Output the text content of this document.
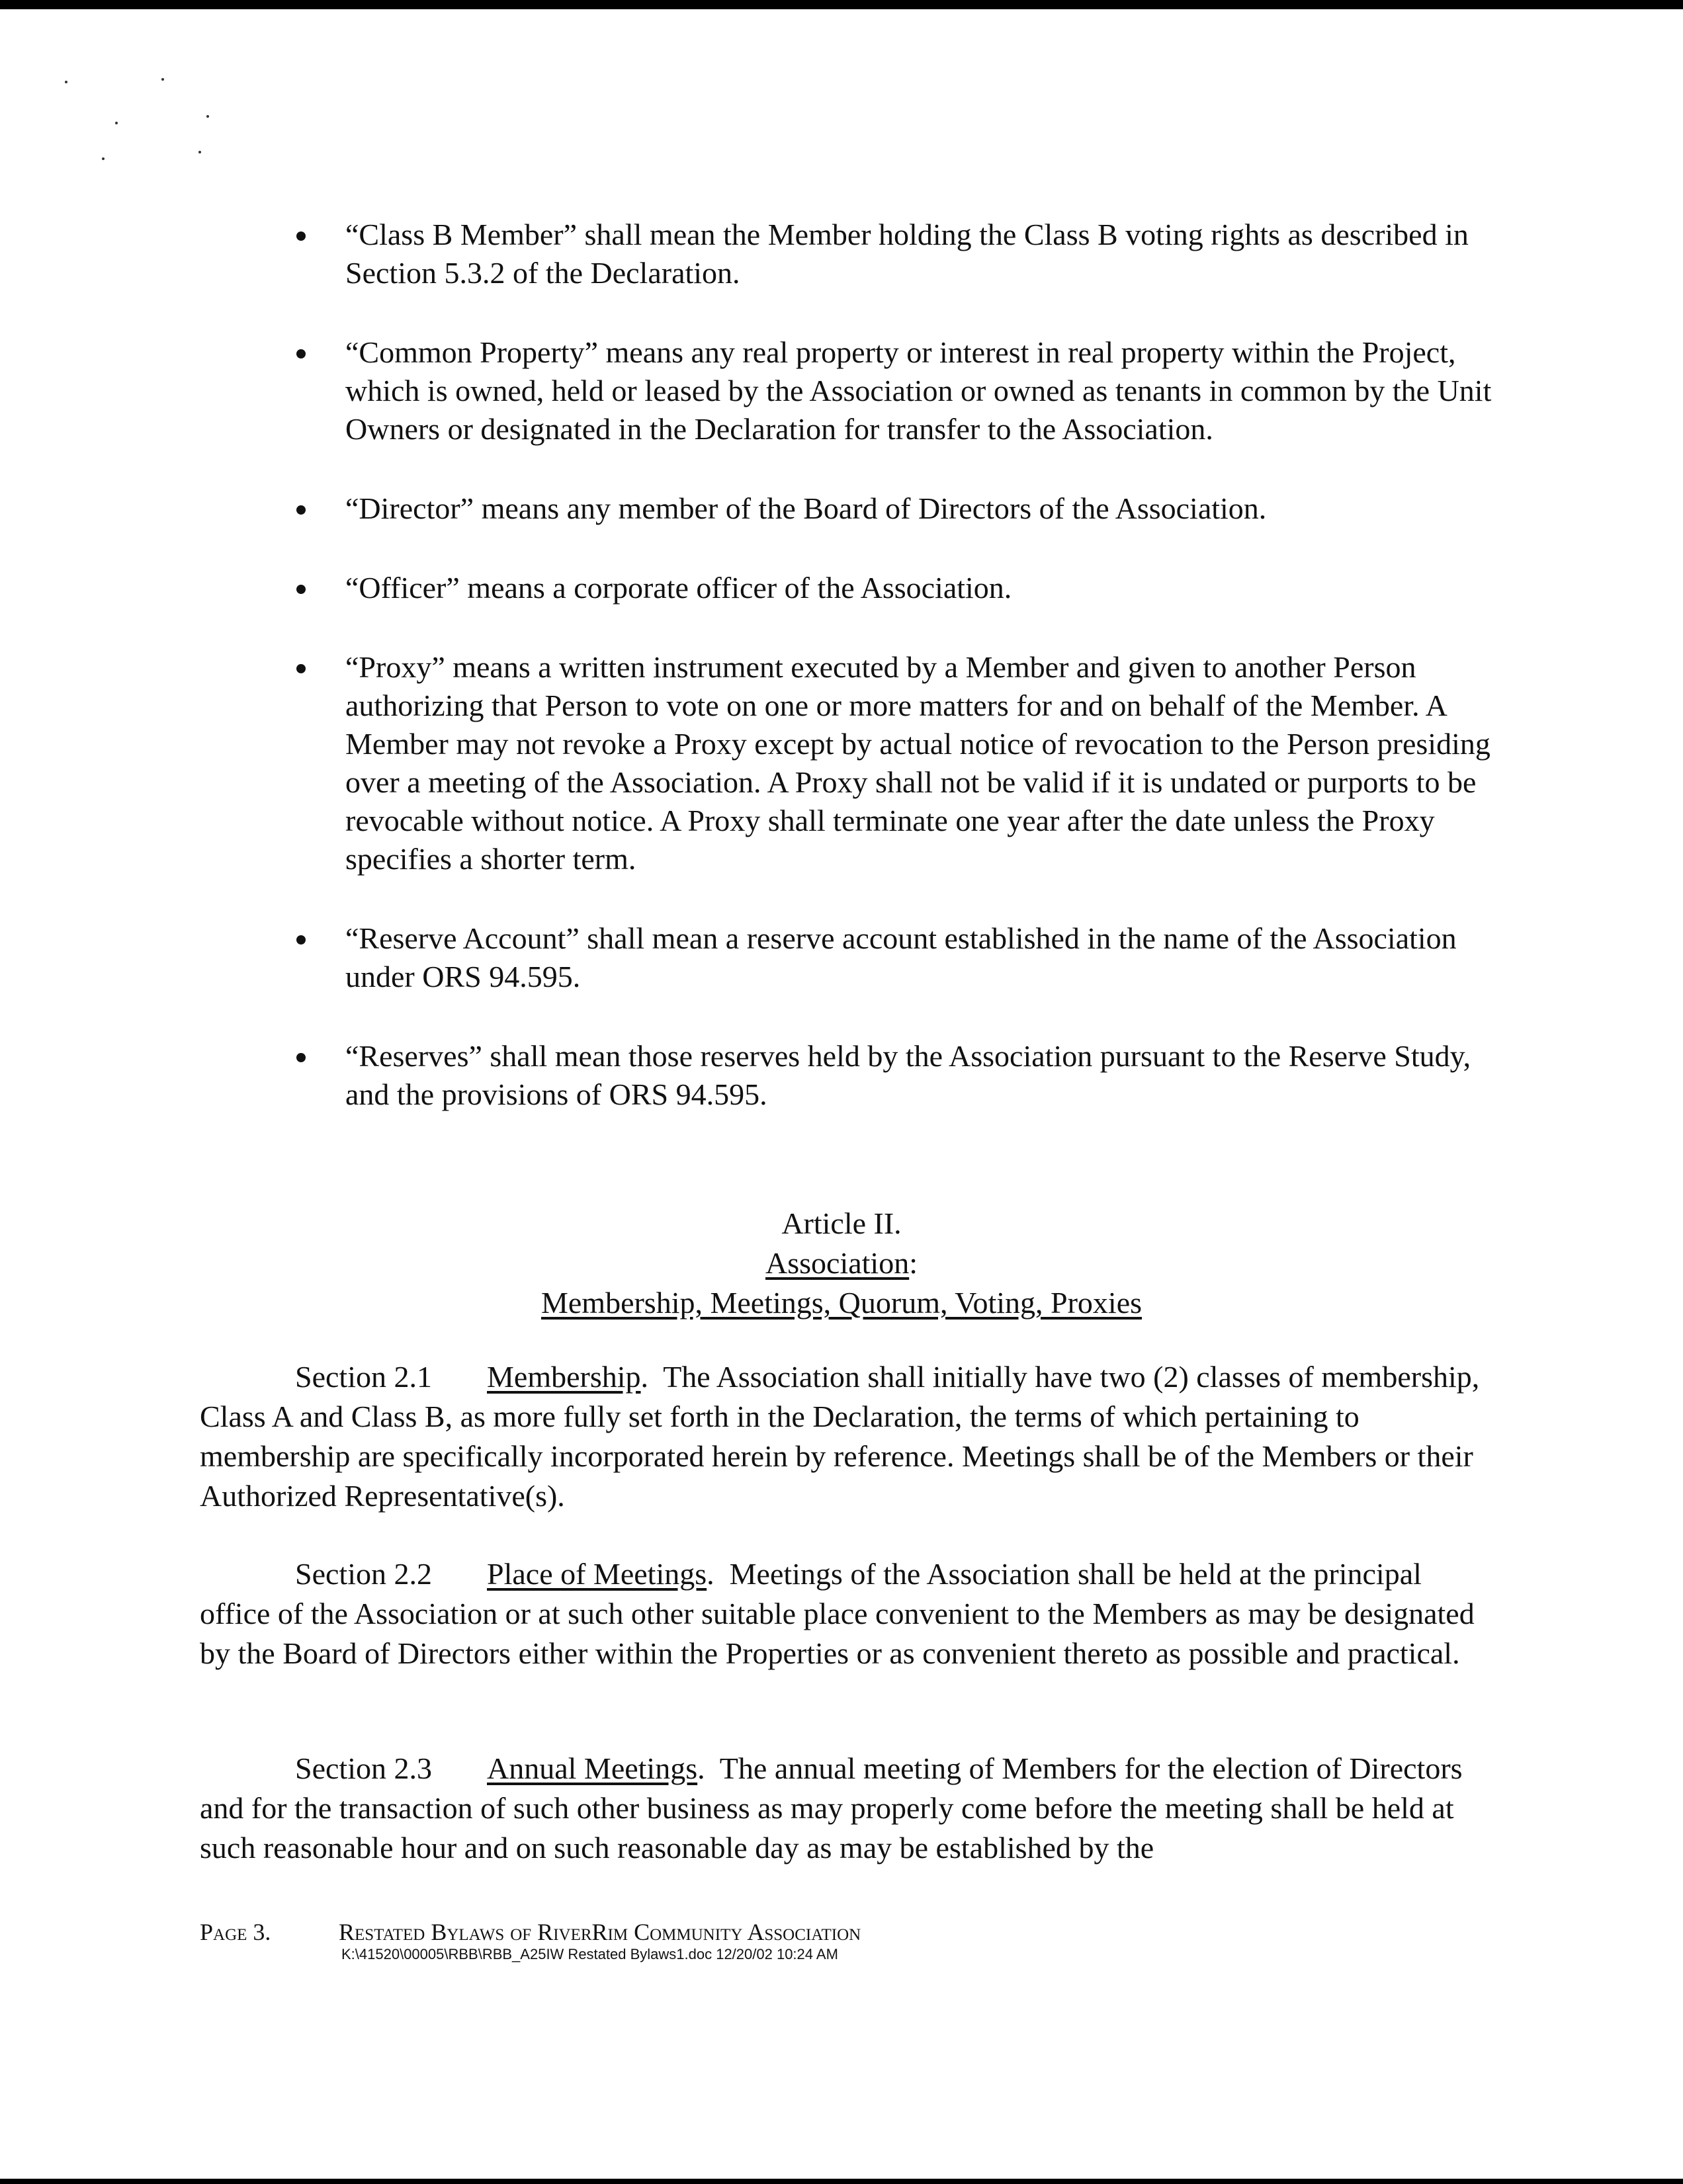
“Class B Member” shall mean the Member holding the Class B voting rights as described in Section 5.3.2 of the Declaration.
“Common Property” means any real property or interest in real property within the Project, which is owned, held or leased by the Association or owned as tenants in common by the Unit Owners or designated in the Declaration for transfer to the Association.
“Director” means any member of the Board of Directors of the Association.
“Officer” means a corporate officer of the Association.
“Proxy” means a written instrument executed by a Member and given to another Person authorizing that Person to vote on one or more matters for and on behalf of the Member. A Member may not revoke a Proxy except by actual notice of revocation to the Person presiding over a meeting of the Association. A Proxy shall not be valid if it is undated or purports to be revocable without notice. A Proxy shall terminate one year after the date unless the Proxy specifies a shorter term.
“Reserve Account” shall mean a reserve account established in the name of the Association under ORS 94.595.
“Reserves” shall mean those reserves held by the Association pursuant to the Reserve Study, and the provisions of ORS 94.595.
Article II.
Association:
Membership, Meetings, Quorum, Voting, Proxies

Section 2.1 Membership.  The Association shall initially have two (2) classes of membership, Class A and Class B, as more fully set forth in the Declaration, the terms of which pertaining to membership are specifically incorporated herein by reference. Meetings shall be of the Members or their Authorized Representative(s).

Section 2.2 Place of Meetings.  Meetings of the Association shall be held at the principal office of the Association or at such other suitable place convenient to the Members as may be designated by the Board of Directors either within the Properties or as convenient thereto as possible and practical.

Section 2.3 Annual Meetings.  The annual meeting of Members for the election of Directors and for the transaction of such other business as may properly come before the meeting shall be held at such reasonable hour and on such reasonable day as may be established by the

Page 3.	Restated Bylaws of RiverRim Community Association
K:\41520\00005\RBB\RBB_A25IW Restated Bylaws1.doc 12/20/02 10:24 AM
